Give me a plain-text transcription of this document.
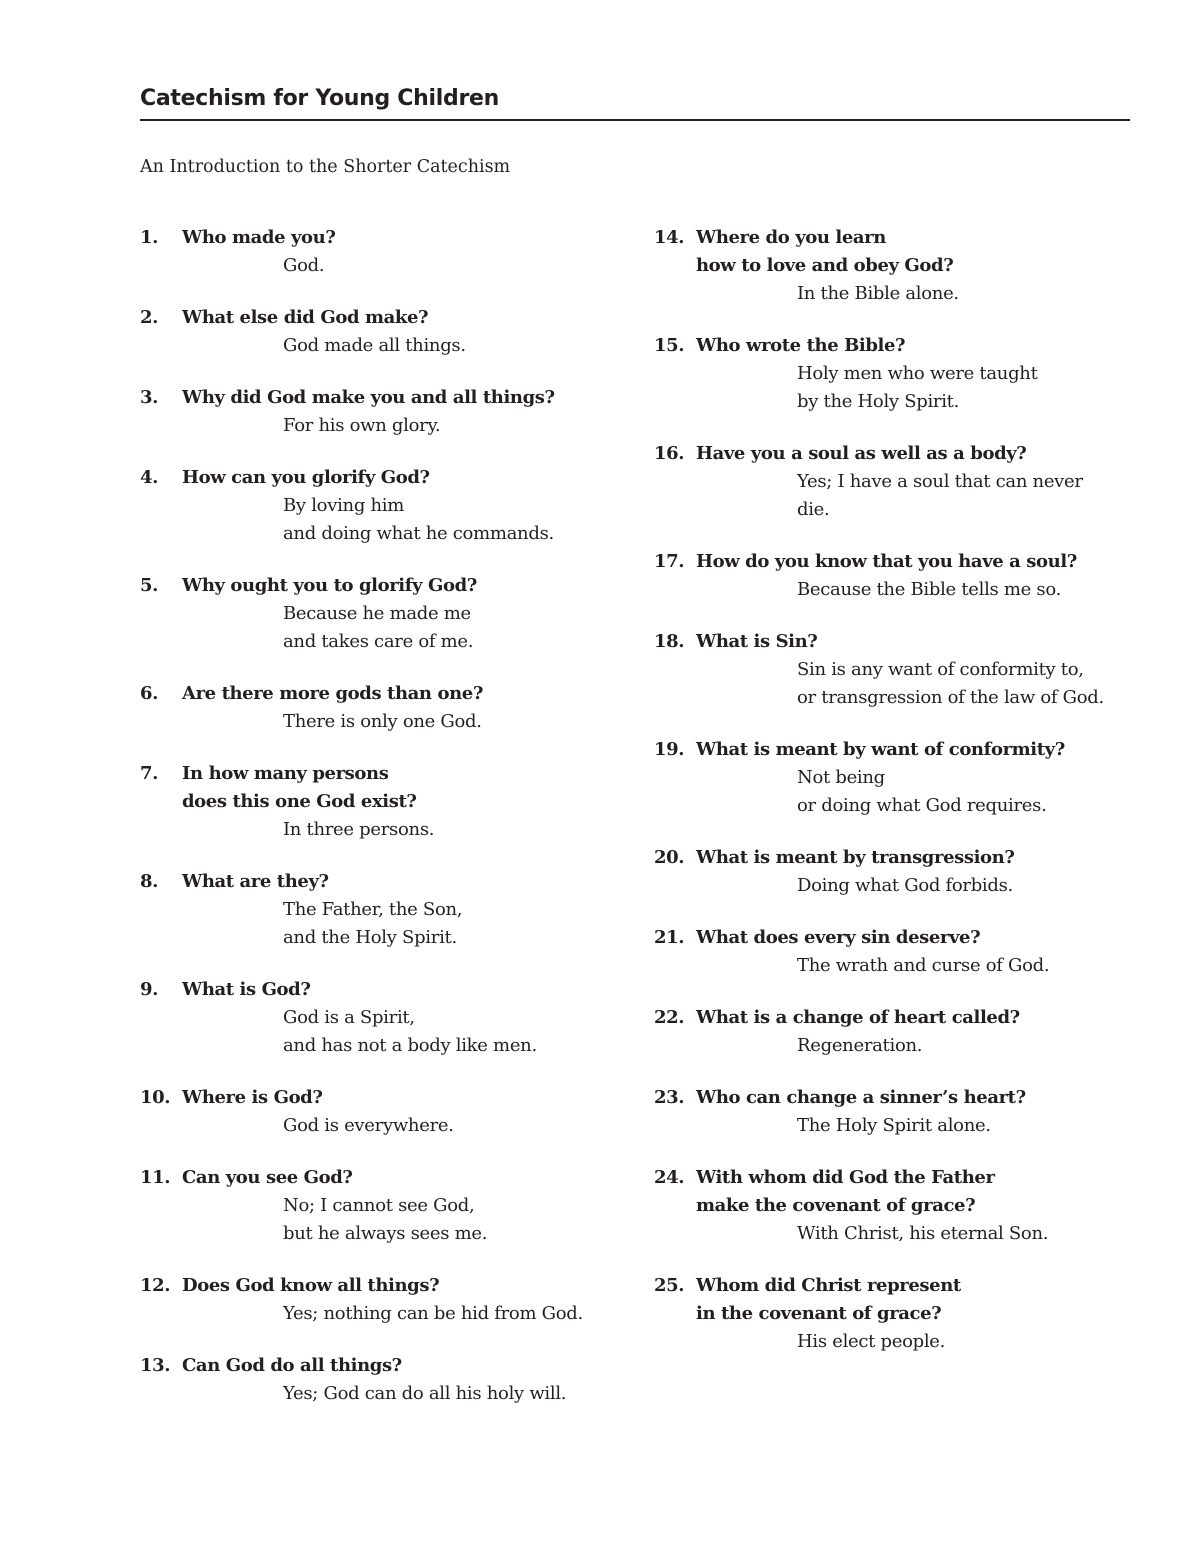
Catechism for Young Children
An Introduction to the Shorter Catechism
1.	Who made you?
God.
2.	What else did God make?
God made all things.
3.	Why did God make you and all things?
For his own glory.
4.	How can you glorify God?
By loving him
and doing what he commands.
5.	Why ought you to glorify God?
Because he made me
and takes care of me.
6.	Are there more gods than one?
There is only one God.
7.	In how many persons
does this one God exist?
In three persons.
8.	What are they?
The Father, the Son,
and the Holy Spirit.
9.	What is God?
God is a Spirit,
and has not a body like men.
10. Where is God?
God is everywhere.
11. Can you see God?
No; I cannot see God,
but he always sees me.
12. Does God know all things?
Yes; nothing can be hid from God.
13. Can God do all things?
Yes; God can do all his holy will.
14. Where do you learn
how to love and obey God?
In the Bible alone.
15. Who wrote the Bible?
Holy men who were taught
by the Holy Spirit.
16. Have you a soul as well as a body?
Yes; I have a soul that can never
die.
17. How do you know that you have a soul?
Because the Bible tells me so.
18. What is Sin?
Sin is any want of conformity to,
or transgression of the law of God.
19. What is meant by want of conformity?
Not being
or doing what God requires.
20. What is meant by transgression?
Doing what God forbids.
21. What does every sin deserve?
The wrath and curse of God.
22. What is a change of heart called?
Regeneration.
23. Who can change a sinner’s heart?
The Holy Spirit alone.
24. With whom did God the Father
make the covenant of grace?
With Christ, his eternal Son.
25. Whom did Christ represent
in the covenant of grace?
His elect people.
